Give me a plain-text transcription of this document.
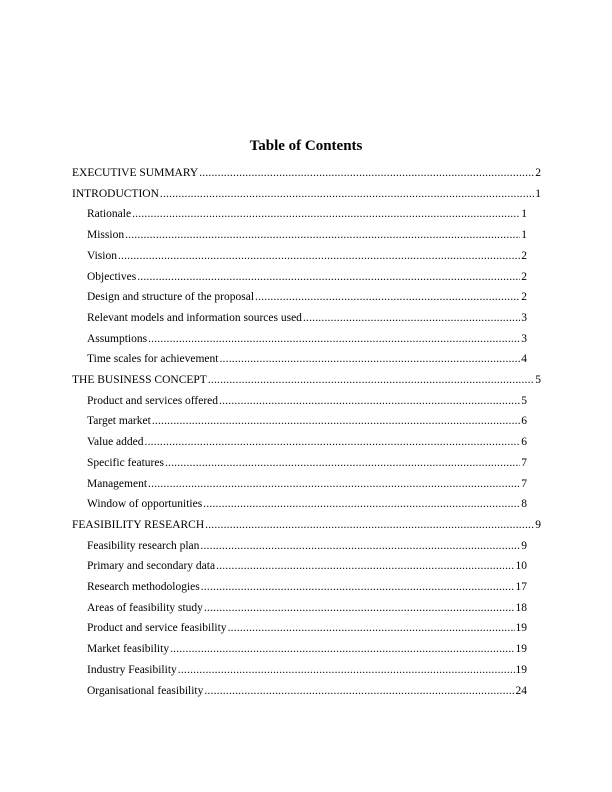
Table of Contents
EXECUTIVE SUMMARY .....	2
INTRODUCTION .....	1
Rationale .....	1
Mission .....	1
Vision .....	2
Objectives .....	2
Design and structure of the proposal .....	2
Relevant models and information sources used .....	3
Assumptions .....	3
Time scales for achievement .....	4
THE BUSINESS CONCEPT .....	5
Product and services offered .....	5
Target market .....	6
Value added .....	6
Specific features .....	7
Management .....	7
Window of opportunities .....	8
FEASIBILITY RESEARCH .....	9
Feasibility research plan .....	9
Primary and secondary data .....	10
Research methodologies .....	17
Areas of feasibility study .....	18
Product and service feasibility .....	19
Market feasibility .....	19
Industry Feasibility .....	19
Organisational feasibility .....	24
